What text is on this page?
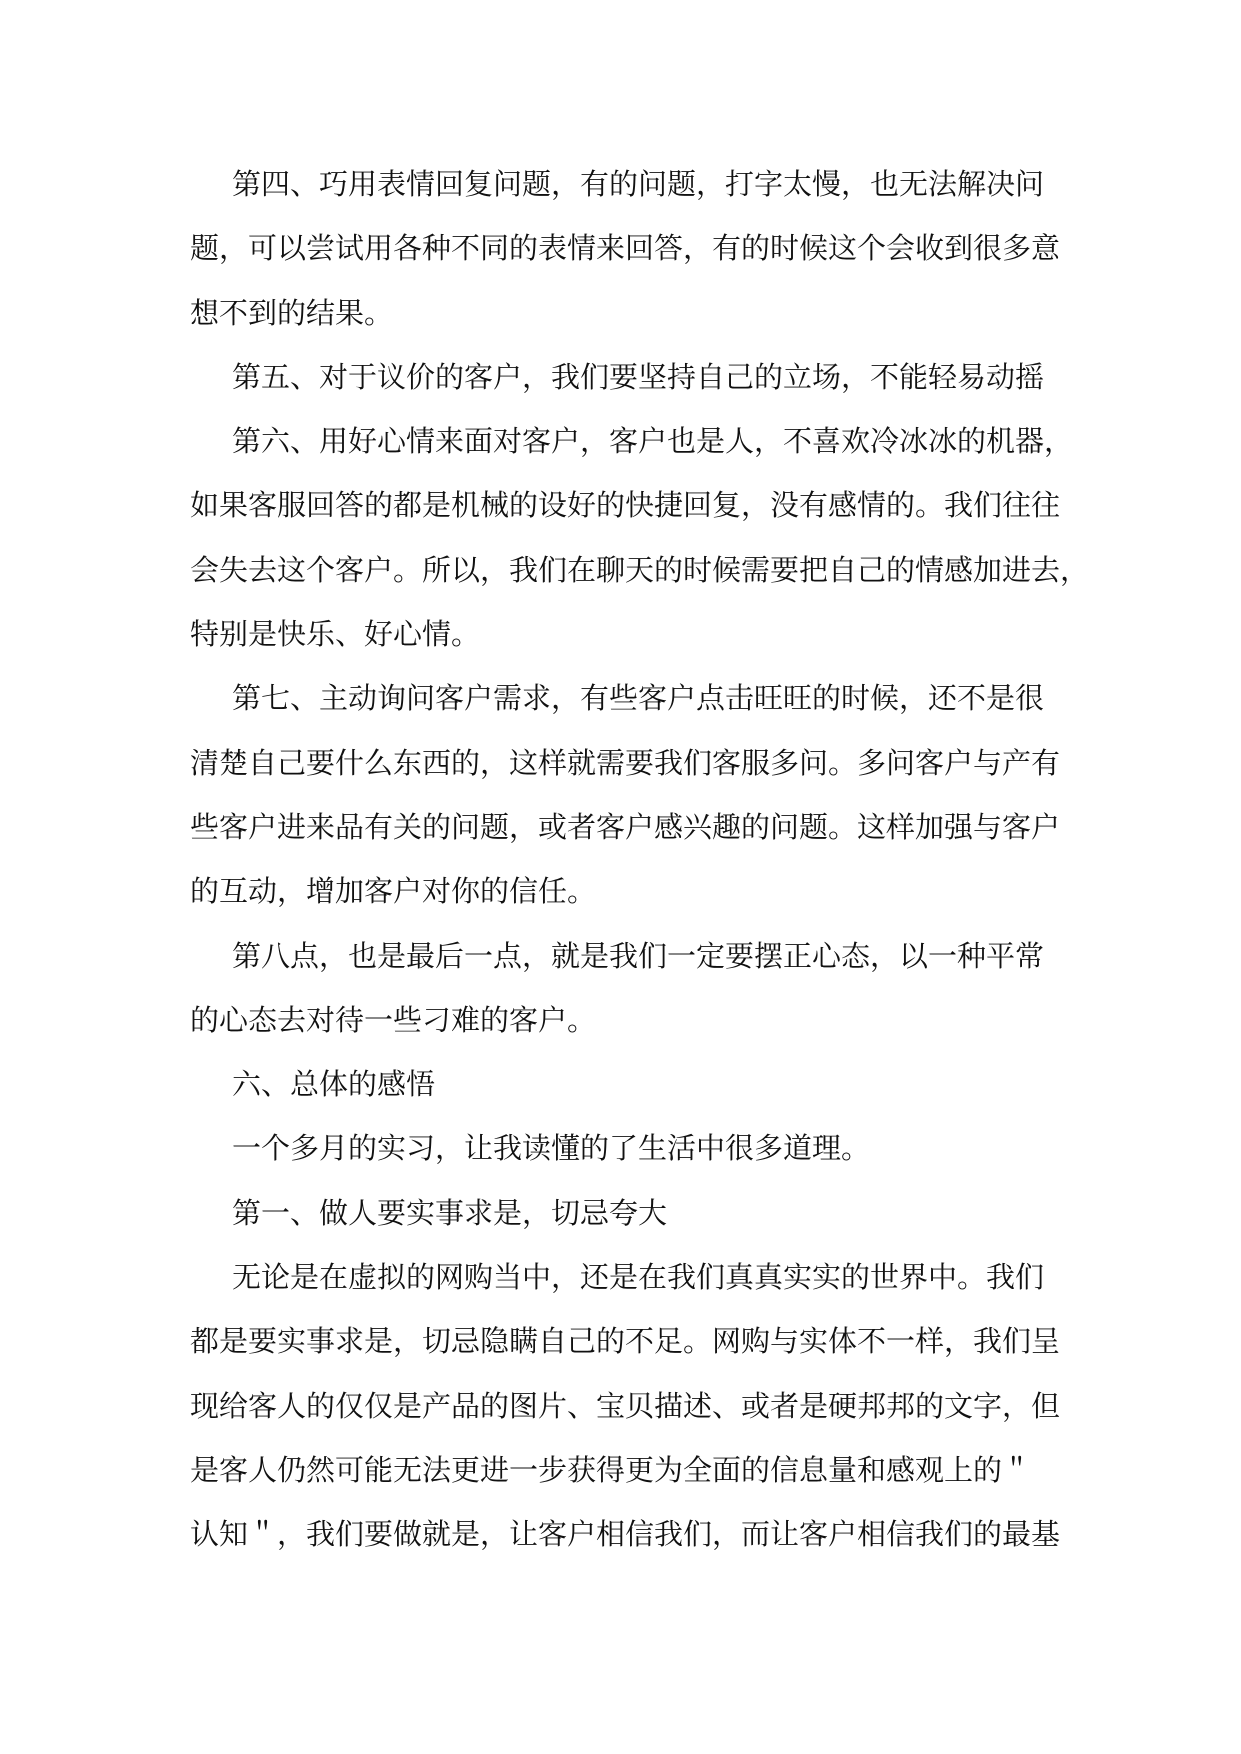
第四、巧用表情回复问题，有的问题，打字太慢，也无法解决问
题，可以尝试用各种不同的表情来回答，有的时候这个会收到很多意
想不到的结果。
第五、对于议价的客户，我们要坚持自己的立场，不能轻易动摇
第六、用好心情来面对客户，客户也是人，不喜欢冷冰冰的机器，
如果客服回答的都是机械的设好的快捷回复，没有感情的。我们往往
会失去这个客户。所以，我们在聊天的时候需要把自己的情感加进去，
特别是快乐、好心情。
第七、主动询问客户需求，有些客户点击旺旺的时候，还不是很
清楚自己要什么东西的，这样就需要我们客服多问。多问客户与产有
些客户进来品有关的问题，或者客户感兴趣的问题。这样加强与客户
的互动，增加客户对你的信任。
第八点，也是最后一点，就是我们一定要摆正心态，以一种平常
的心态去对待一些刁难的客户。
六、总体的感悟
一个多月的实习，让我读懂的了生活中很多道理。
第一、做人要实事求是，切忌夸大
无论是在虚拟的网购当中，还是在我们真真实实的世界中。我们
都是要实事求是，切忌隐瞒自己的不足。网购与实体不一样，我们呈
现给客人的仅仅是产品的图片、宝贝描述、或者是硬邦邦的文字，但
是客人仍然可能无法更进一步获得更为全面的信息量和感观上的＂
认知＂，我们要做就是，让客户相信我们，而让客户相信我们的最基
